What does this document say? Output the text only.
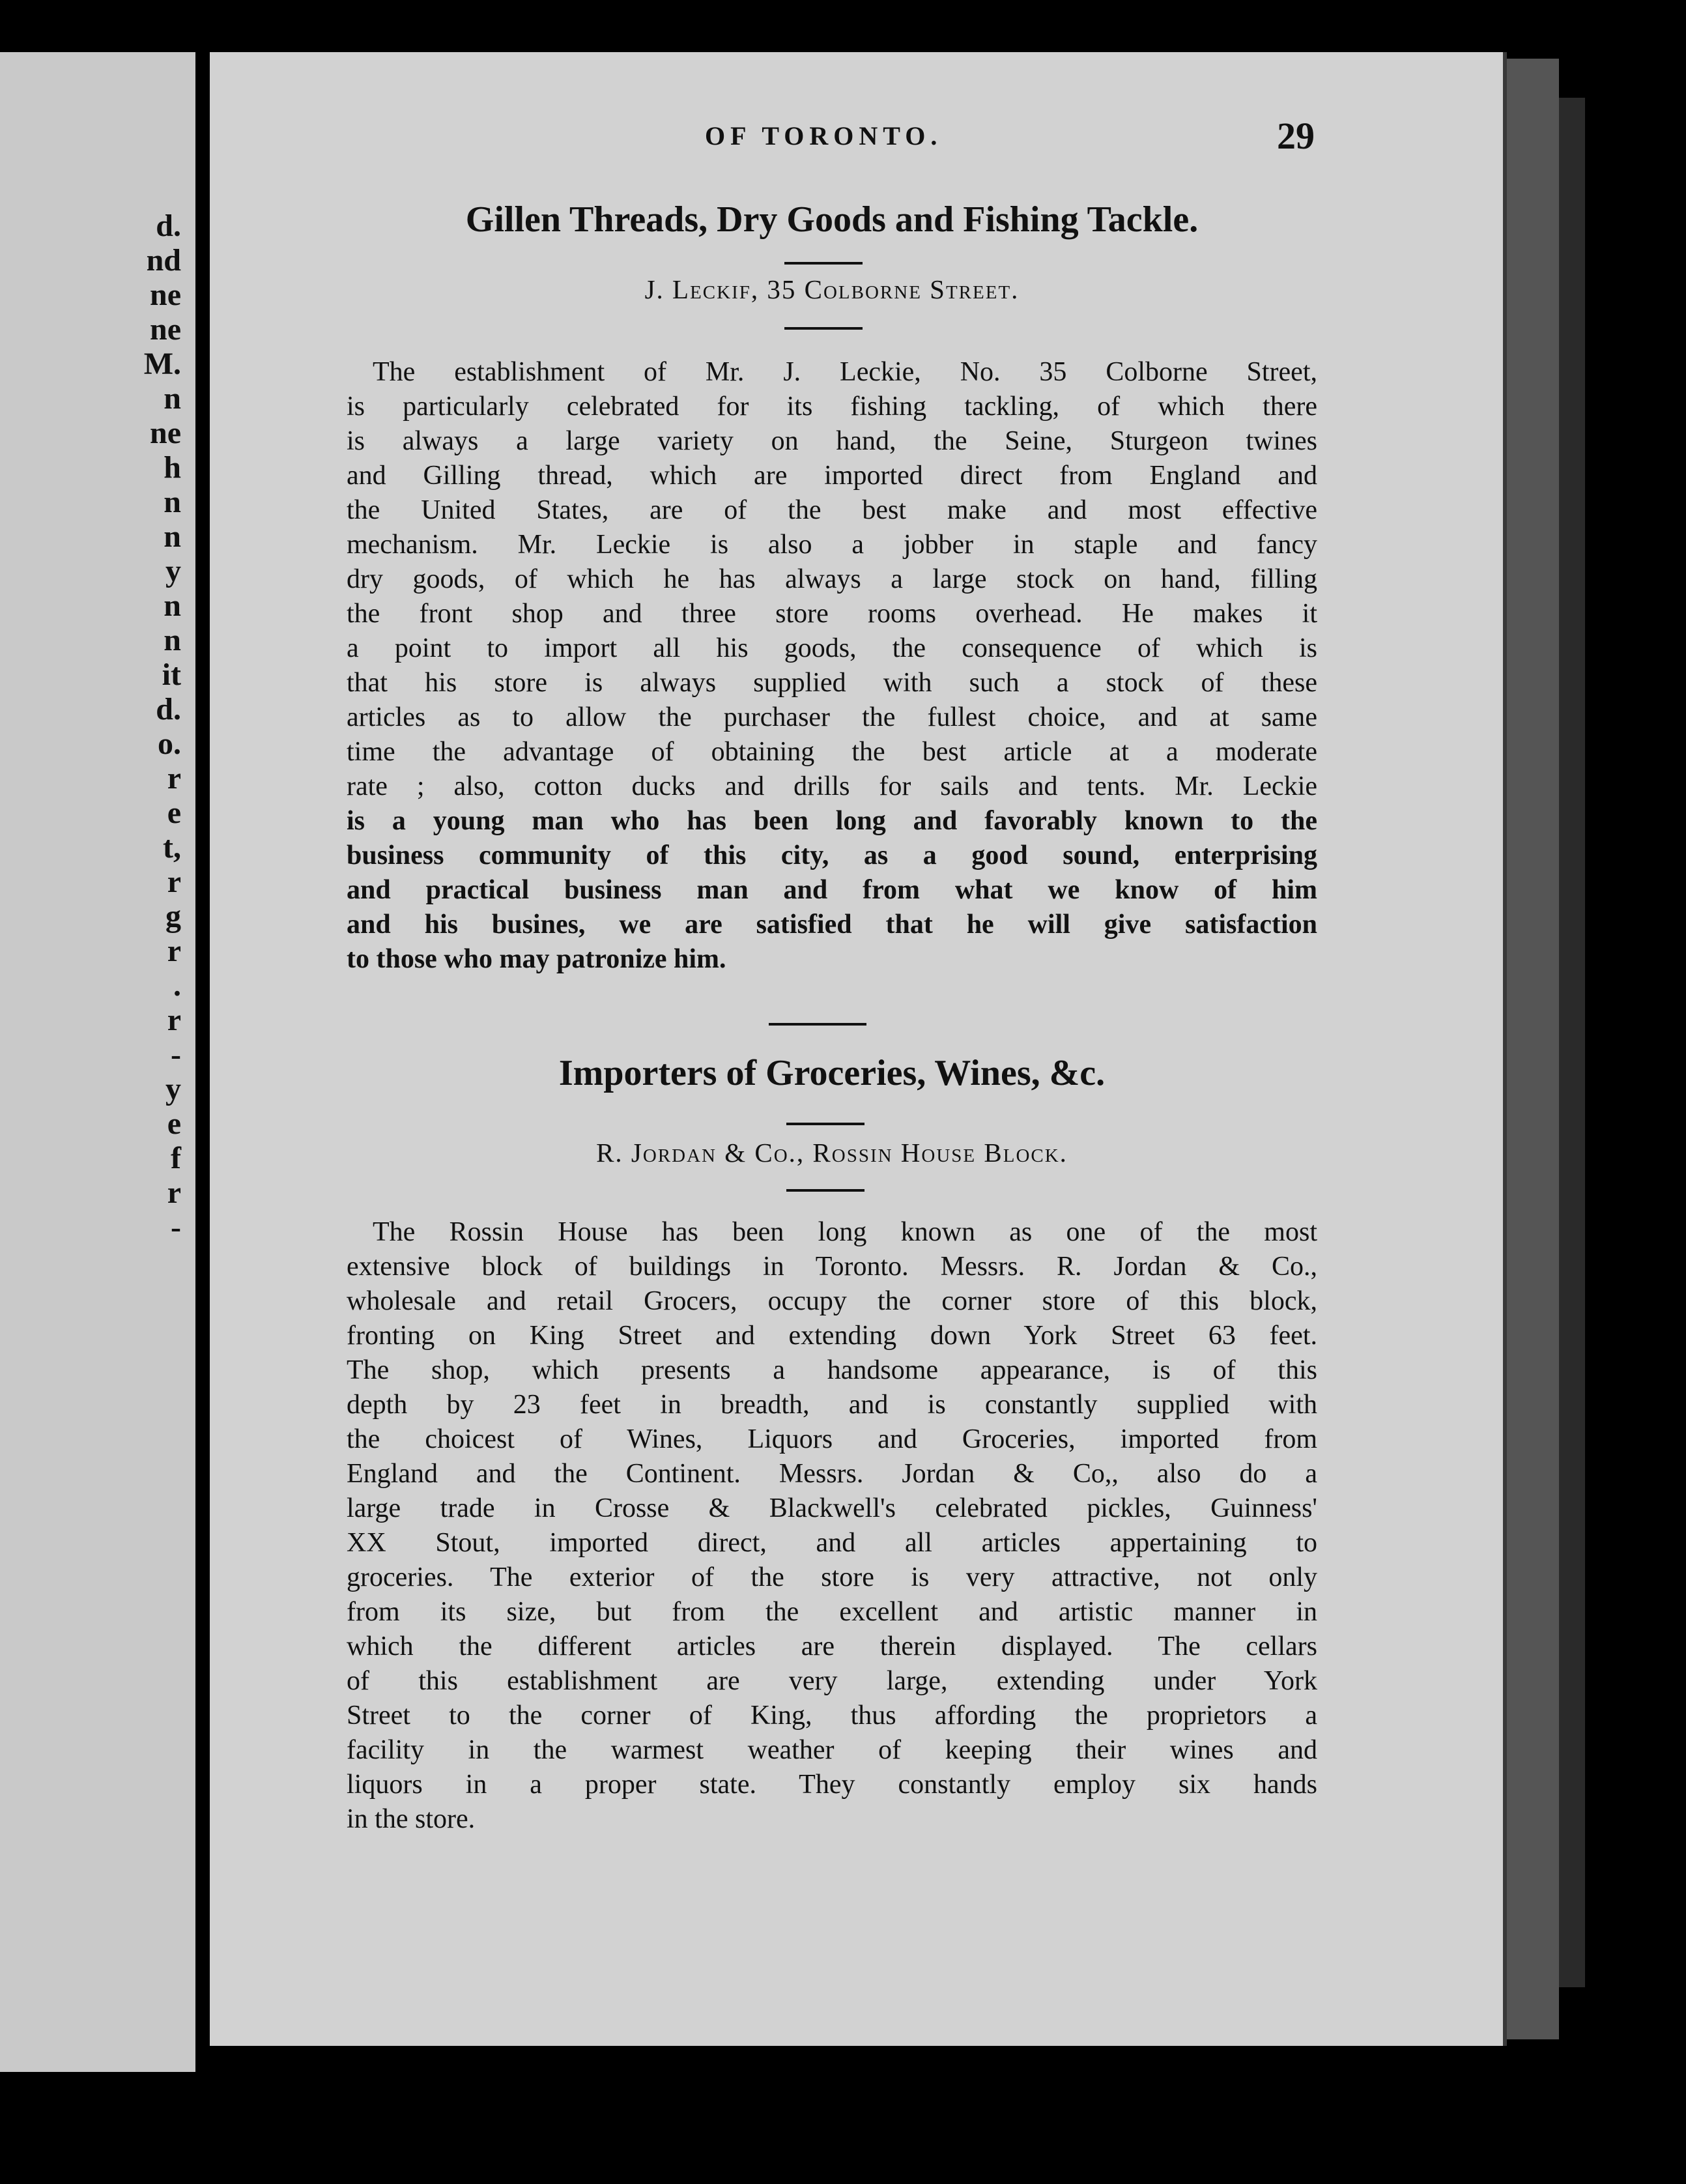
d.
nd
ne
ne
M.
n
ne
h
n
n
y
n
n
it
d.
o.
r
e
t,
r
g
r
.
r
-
y
e
f
r
-
OF TORONTO.	29
Gillen Threads, Dry Goods and Fishing Tackle.
J. Leckif, 35 Colborne Street.
The establishment of Mr. J. Leckie, No. 35 Colborne Street,
is particularly celebrated for its fishing tackling, of which there
is always a large variety on hand, the Seine, Sturgeon twines
and Gilling thread, which are imported direct from England and
the United States, are of the best make and most effective
mechanism. Mr. Leckie is also a jobber in staple and fancy
dry goods, of which he has always a large stock on hand, filling
the front shop and three store rooms overhead. He makes it
a point to import all his goods, the consequence of which is
that his store is always supplied with such a stock of these
articles as to allow the purchaser the fullest choice, and at same
time the advantage of obtaining the best article at a moderate
rate ; also, cotton ducks and drills for sails and tents. Mr. Leckie
is a young man who has been long and favorably known to the
business community of this city, as a good sound, enterprising
and practical business man and from what we know of him
and his busines, we are satisfied that he will give satisfaction
to those who may patronize him.
Importers of Groceries, Wines, &c.
R. Jordan & Co., Rossin House Block.
The Rossin House has been long known as one of the most
extensive block of buildings in Toronto. Messrs. R. Jordan & Co.,
wholesale and retail Grocers, occupy the corner store of this block,
fronting on King Street and extending down York Street 63 feet.
The shop, which presents a handsome appearance, is of this
depth by 23 feet in breadth, and is constantly supplied with
the choicest of Wines, Liquors and Groceries, imported from
England and the Continent. Messrs. Jordan & Co,, also do a
large trade in Crosse & Blackwell's celebrated pickles, Guinness'
XX Stout, imported direct, and all articles appertaining to
groceries. The exterior of the store is very attractive, not only
from its size, but from the excellent and artistic manner in
which the different articles are therein displayed. The cellars
of this establishment are very large, extending under York
Street to the corner of King, thus affording the proprietors a
facility in the warmest weather of keeping their wines and
liquors in a proper state. They constantly employ six hands
in the store.
